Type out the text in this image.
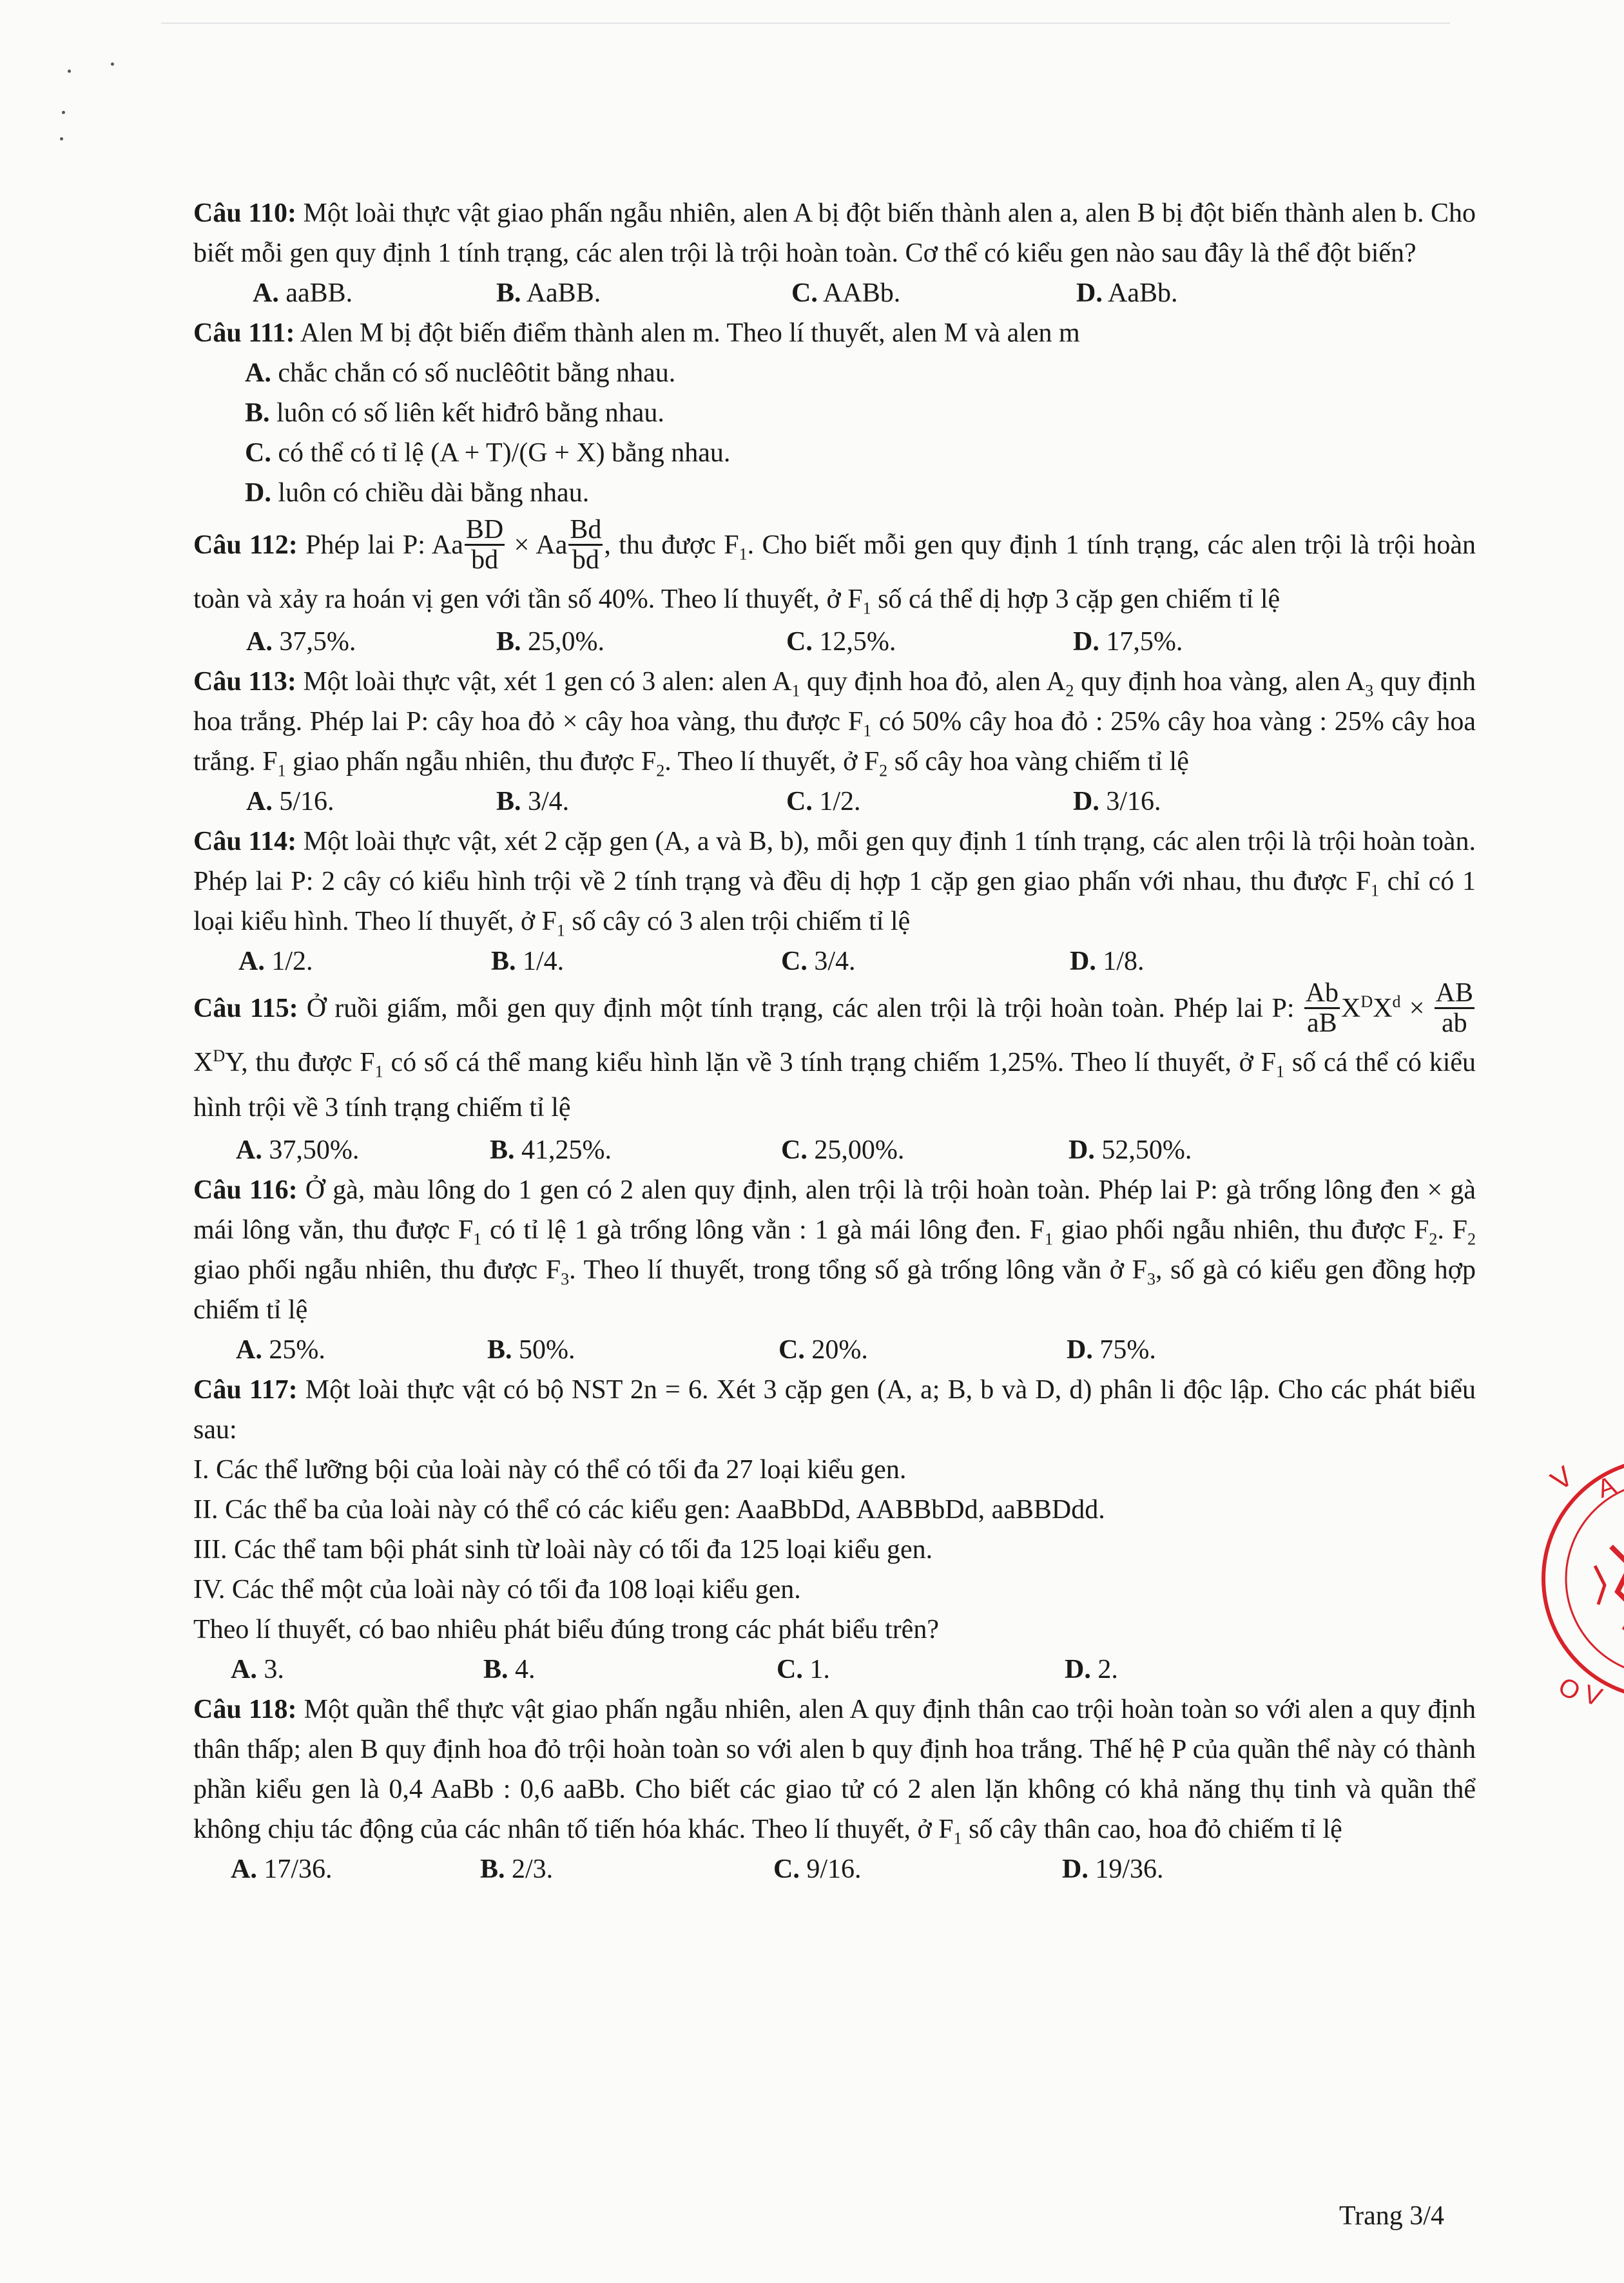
Câu 110: Một loài thực vật giao phấn ngẫu nhiên, alen A bị đột biến thành alen a, alen B bị đột biến thành alen b. Cho biết mỗi gen quy định 1 tính trạng, các alen trội là trội hoàn toàn. Cơ thể có kiểu gen nào sau đây là thể đột biến?

A. aaBB.	B. AaBB.	C. AABb.	D. AaBb.

Câu 111: Alen M bị đột biến điểm thành alen m. Theo lí thuyết, alen M và alen m

A. chắc chắn có số nuclêôtit bằng nhau.

B. luôn có số liên kết hiđrô bằng nhau.

C. có thể có tỉ lệ (A + T)/(G + X) bằng nhau.

D. luôn có chiều dài bằng nhau.

Câu 112: Phép lai P: Aa $\frac{BD}{bd} \times Aa \frac{Bd}{bd}$ , thu được $F_1$. Cho biết mỗi gen quy định 1 tính trạng, các alen trội là trội hoàn toàn và xảy ra hoán vị gen với tần số 40%. Theo lí thuyết, ở $F_1$ số cá thể dị hợp 3 cặp gen chiếm tỉ lệ

A. 37,5%.	B. 25,0%.	C. 12,5%.	D. 17,5%.

Câu 113: Một loài thực vật, xét 1 gen có 3 alen: alen $A_1$ quy định hoa đỏ, alen $A_2$ quy định hoa vàng, alen $A_3$ quy định hoa trắng. Phép lai P: cây hoa đỏ × cây hoa vàng, thu được $F_1$ có 50% cây hoa đỏ : 25% cây hoa vàng : 25% cây hoa trắng. $F_1$ giao phấn ngẫu nhiên, thu được $F_2$. Theo lí thuyết, ở $F_2$ số cây hoa vàng chiếm tỉ lệ

A. 5/16.	B. 3/4.	C. 1/2.	D. 3/16.

Câu 114: Một loài thực vật, xét 2 cặp gen (A, a và B, b), mỗi gen quy định 1 tính trạng, các alen trội là trội hoàn toàn. Phép lai P: 2 cây có kiểu hình trội về 2 tính trạng và đều dị hợp 1 cặp gen giao phấn với nhau, thu được $F_1$ chỉ có 1 loại kiểu hình. Theo lí thuyết, ở $F_1$ số cây có 3 alen trội chiếm tỉ lệ

A. 1/2.	B. 1/4.	C. 3/4.	D. 1/8.

Câu 115: Ở ruồi giấm, mỗi gen quy định một tính trạng, các alen trội là trội hoàn toàn. Phép lai P: $\frac{Ab}{aB} X^DX^d \times \frac{AB}{ab}$
$X^DY$, thu được $F_1$ có số cá thể mang kiểu hình lặn về 3 tính trạng chiếm 1,25%. Theo lí thuyết, ở $F_1$ số cá thể có kiểu hình trội về 3 tính trạng chiếm tỉ lệ

A. 37,50%.	B. 41,25%.	C. 25,00%.	D. 52,50%.

Câu 116: Ở gà, màu lông do 1 gen có 2 alen quy định, alen trội là trội hoàn toàn. Phép lai P: gà trống lông đen × gà mái lông vằn, thu được $F_1$ có tỉ lệ 1 gà trống lông vằn : 1 gà mái lông đen. $F_1$ giao phối ngẫu nhiên, thu được $F_2$. $F_2$ giao phối ngẫu nhiên, thu được $F_3$. Theo lí thuyết, trong tổng số gà trống lông vằn ở $F_3$, số gà có kiểu gen đồng hợp chiếm tỉ lệ

A. 25%.	B. 50%.	C. 20%.	D. 75%.

Câu 117: Một loài thực vật có bộ NST 2n = 6. Xét 3 cặp gen (A, a; B, b và D, d) phân li độc lập. Cho các phát biểu sau:

I. Các thể lưỡng bội của loài này có thể có tối đa 27 loại kiểu gen.

II. Các thể ba của loài này có thể có các kiểu gen: AaaBbDd, AABBbDd, aaBBDdd.

III. Các thể tam bội phát sinh từ loài này có tối đa 125 loại kiểu gen.

IV. Các thể một của loài này có tối đa 108 loại kiểu gen.

Theo lí thuyết, có bao nhiêu phát biểu đúng trong các phát biểu trên?

A. 3.	B. 4.	C. 1.	D. 2.

Câu 118: Một quần thể thực vật giao phấn ngẫu nhiên, alen A quy định thân cao trội hoàn toàn so với alen a quy định thân thấp; alen B quy định hoa đỏ trội hoàn toàn so với alen b quy định hoa trắng. Thế hệ P của quần thể này có thành phần kiểu gen là 0,4 AaBb : 0,6 aaBb. Cho biết các giao tử có 2 alen lặn không có khả năng thụ tinh và quần thể không chịu tác động của các nhân tố tiến hóa khác. Theo lí thuyết, ở $F_1$ số cây thân cao, hoa đỏ chiếm tỉ lệ

A. 17/36.	B. 2/3.	C. 9/16.	D. 19/36.
V A
O
V
Trang 3/4
